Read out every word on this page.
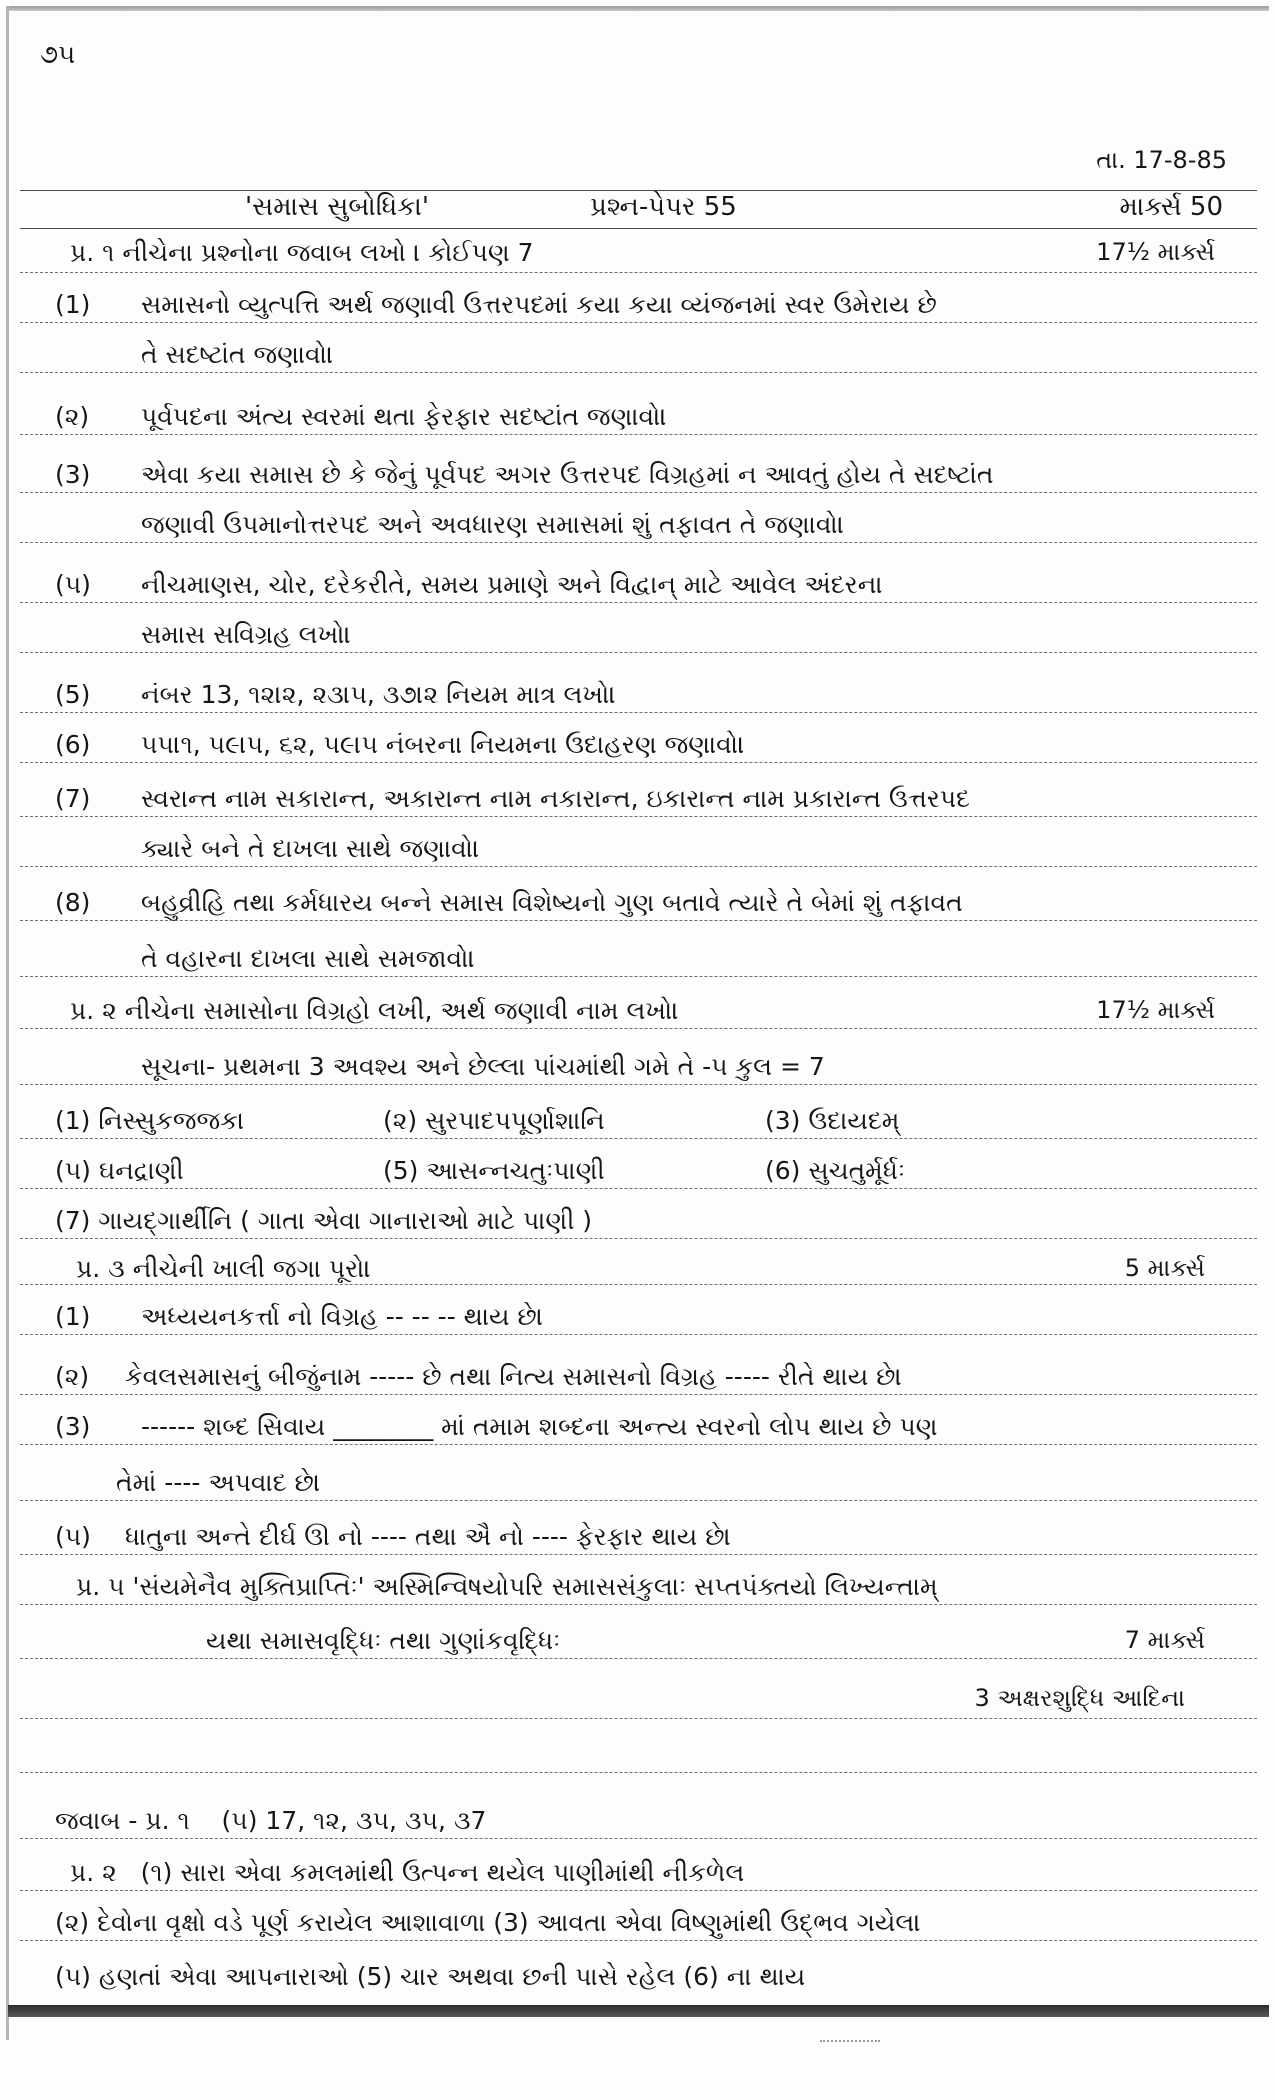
૭૫
તા. 17-8-85
'સમાસ સુબોધિકા'	પ્રશ્ન-પેપર 55	માર્ક્સ 50
પ્ર. ૧ નીચેના પ્રશ્નોના જવાબ લખો । કોઈપણ 7	17½ માર્ક્સ
(1) સમાસનો વ્યુત્પત્તિ અર્થ જણાવી ઉત્તરપદમાં કયા કયા વ્યંજનમાં સ્વર ઉમેરાય છે
તે સદષ્ટાંત જણાવો।
(૨) પૂર્વપદના અંત્ય સ્વરમાં થતા ફેરફાર સદષ્ટાંત જણાવો।
(3) એવા કયા સમાસ છે કે જેનું પૂર્વપદ અગર ઉત્તરપદ વિગ્રહમાં ન આવતું હોય તે સદષ્ટાંત
જણાવી ઉપમાનોત્તરપદ અને અવધારણ સમાસમાં શું તફાવત તે જણાવો।
(૫) નીચમાણસ, ચોર, દરેકરીતે, સમય પ્રમાણે અને વિદ્વાન્ માટે આવેલ અંદરના
સમાસ સવિગ્રહ લખો।
(5) નંબર 13, ૧૨।૨, ૨૩।૫, ૩૭।૨ નિયમ માત્ર લખો।
(6) ૫૫।૧, ૫૯।૫, ૬૨, ૫૯।૫ નંબરના નિયમના ઉદાહરણ જણાવો।
(7) સ્વરાન્ત નામ સકારાન્ત, અકારાન્ત નામ નકારાન્ત, ઇકારાન્ત નામ પ્રકારાન્ત ઉત્તરપદ
ક્યારે બને તે દાખલા સાથે જણાવો।
(8) બહુવ્રીહિ તથા કર્મધારય બન્ને સમાસ વિશેષ્યનો ગુણ બતાવે ત્યારે તે બેમાં શું તફાવત
તે વહારના દાખલા સાથે સમજાવો।
પ્ર. ૨ નીચેના સમાસોના વિગ્રહો લખી, અર્થ જણાવી નામ લખો।	17½ માર્ક્સ
સૂચના- પ્રથમના 3 અવશ્ય અને છેલ્લા પાંચમાંથી ગમે તે -૫ કુલ = 7
(1) નિસ્સુકજજકા	(૨) સુરપાદપપૂર્ણાશાનિ	(3) ઉદાયદમ્
(૫) ઘનદ્રાણી	(5) આસન્નચતુઃપાણી	(6) સુચતુર્મૂર્ધઃ
(7) ગાયદ્ગાર્થીનિ ( ગાતા એવા ગાનારાઓ માટે પાણી )
પ્ર. ૩ નીચેની ખાલી જગા પૂરો।	5 માર્ક્સ
(1) અધ્યયનકર્ત્તા નો વિગ્રહ -- -- -- થાય છે।
(૨) કેવલસમાસનું બીજુંનામ ----- છે તથા નિત્ય સમાસનો વિગ્રહ ----- રીતે થાય છે।
(3) ------ શબ્દ સિવાય ________ માં તમામ શબ્દના અન્ત્ય સ્વરનો લોપ થાય છે પણ
તેમાં ---- અપવાદ છે।
(૫) ધાતુના અન્તે દીર્ઘ ઊ નો ---- તથા ઐ નો ---- ફેરફાર થાય છે।
પ્ર. ૫ 'સંયમેનૈવ મુક્તિપ્રાપ્તિઃ' અસ્મિન્વિષયોપરિ સમાસસંકુલાઃ સપ્તપંક્તયો લિખ્યન્તામ્
યથા સમાસવૃદ્ધિઃ તથા ગુણાંકવૃદ્ધિઃ	7 માર્ક્સ
3 અક્ષરશુદ્ધિ આદિના
જવાબ - પ્ર. ૧ (૫) 17, ૧૨, ૩૫, ૩૫, ૩7
પ્ર. ૨ (૧) સારા એવા કમલમાંથી ઉત્પન્ન થયેલ પાણીમાંથી નીકળેલ
(૨) દેવોના વૃક્ષો વડે પૂર્ણ કરાયેલ આશાવાળા (3) આવતા એવા વિષ્ણુમાંથી ઉદ્ભવ ગયેલ।
(૫) હણતાં એવા આપનારાઓ (5) ચાર અથવા છની પાસે રહેલ (6) ના થાય
